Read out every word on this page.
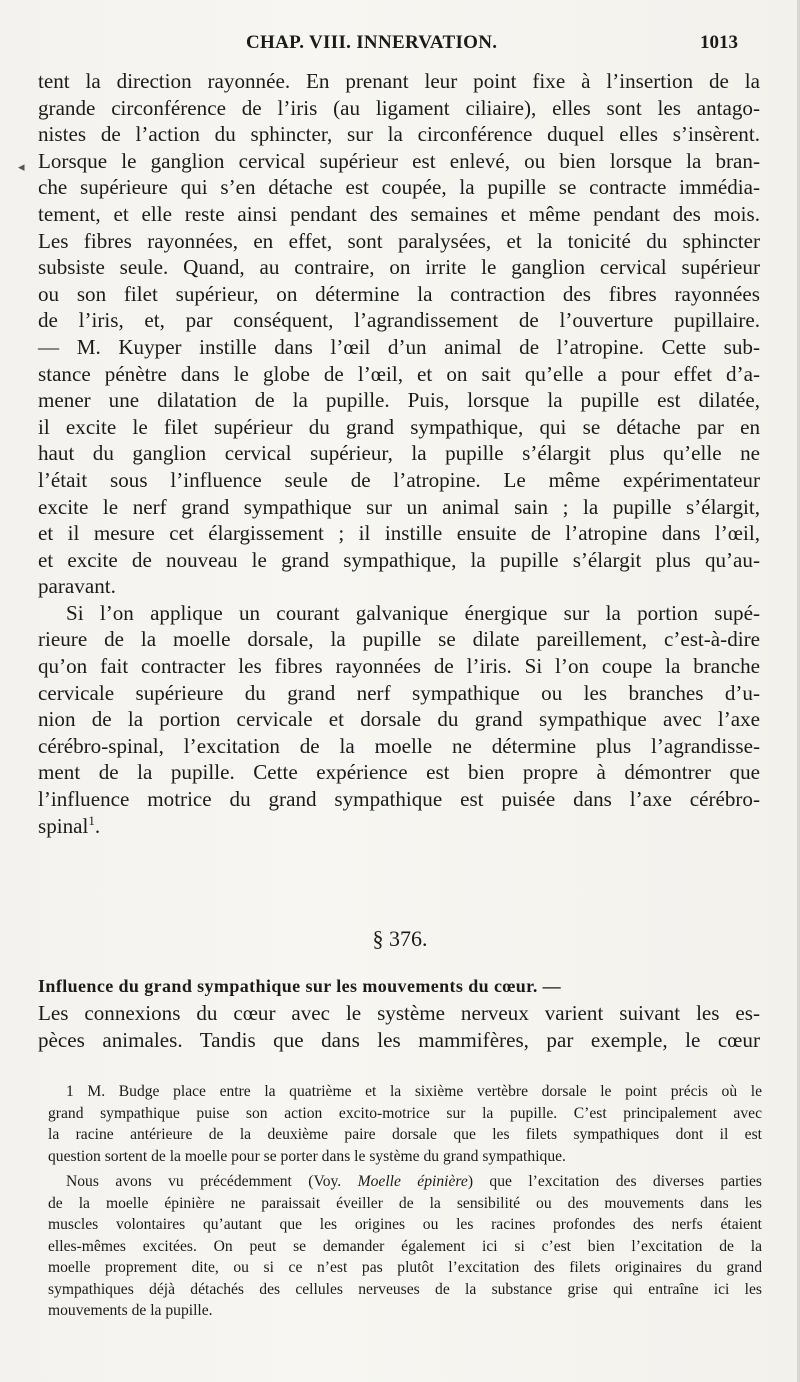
CHAP. VIII. INNERVATION.	1013
◂

tent la direction rayonnée. En prenant leur point fixe à l’insertion de la
grande circonférence de l’iris (au ligament ciliaire), elles sont les antago-
nistes de l’action du sphincter, sur la circonférence duquel elles s’insèrent.
Lorsque le ganglion cervical supérieur est enlevé, ou bien lorsque la bran-
che supérieure qui s’en détache est coupée, la pupille se contracte immédia-
tement, et elle reste ainsi pendant des semaines et même pendant des mois.
Les fibres rayonnées, en effet, sont paralysées, et la tonicité du sphincter
subsiste seule. Quand, au contraire, on irrite le ganglion cervical supérieur
ou son filet supérieur, on détermine la contraction des fibres rayonnées
de l’iris, et, par conséquent, l’agrandissement de l’ouverture pupillaire.
— M. Kuyper instille dans l’œil d’un animal de l’atropine. Cette sub-
stance pénètre dans le globe de l’œil, et on sait qu’elle a pour effet d’a-
mener une dilatation de la pupille. Puis, lorsque la pupille est dilatée,
il excite le filet supérieur du grand sympathique, qui se détache par en
haut du ganglion cervical supérieur, la pupille s’élargit plus qu’elle ne
l’était sous l’influence seule de l’atropine. Le même expérimentateur
excite le nerf grand sympathique sur un animal sain ; la pupille s’élargit,
et il mesure cet élargissement ; il instille ensuite de l’atropine dans l’œil,
et excite de nouveau le grand sympathique, la pupille s’élargit plus qu’au-
paravant.

Si l’on applique un courant galvanique énergique sur la portion supé-
rieure de la moelle dorsale, la pupille se dilate pareillement, c’est-à-dire
qu’on fait contracter les fibres rayonnées de l’iris. Si l’on coupe la branche
cervicale supérieure du grand nerf sympathique ou les branches d’u-
nion de la portion cervicale et dorsale du grand sympathique avec l’axe
cérébro-spinal, l’excitation de la moelle ne détermine plus l’agrandisse-
ment de la pupille. Cette expérience est bien propre à démontrer que
l’influence motrice du grand sympathique est puisée dans l’axe cérébro-
spinal$^1$.

§ 376.
Influence du grand sympathique sur les mouvements du cœur. —
Les connexions du cœur avec le système nerveux varient suivant les es-
pèces animales. Tandis que dans les mammifères, par exemple, le cœur
1 M. Budge place entre la quatrième et la sixième vertèbre dorsale le point précis où le
grand sympathique puise son action excito-motrice sur la pupille. C’est principalement avec
la racine antérieure de la deuxième paire dorsale que les filets sympathiques dont il est
question sortent de la moelle pour se porter dans le système du grand sympathique.
Nous avons vu précédemment (Voy. Moelle épinière) que l’excitation des diverses parties
de la moelle épinière ne paraissait éveiller de la sensibilité ou des mouvements dans les
muscles volontaires qu’autant que les origines ou les racines profondes des nerfs étaient
elles-mêmes excitées. On peut se demander également ici si c’est bien l’excitation de la
moelle proprement dite, ou si ce n’est pas plutôt l’excitation des filets originaires du grand
sympathiques déjà détachés des cellules nerveuses de la substance grise qui entraîne ici les
mouvements de la pupille.
